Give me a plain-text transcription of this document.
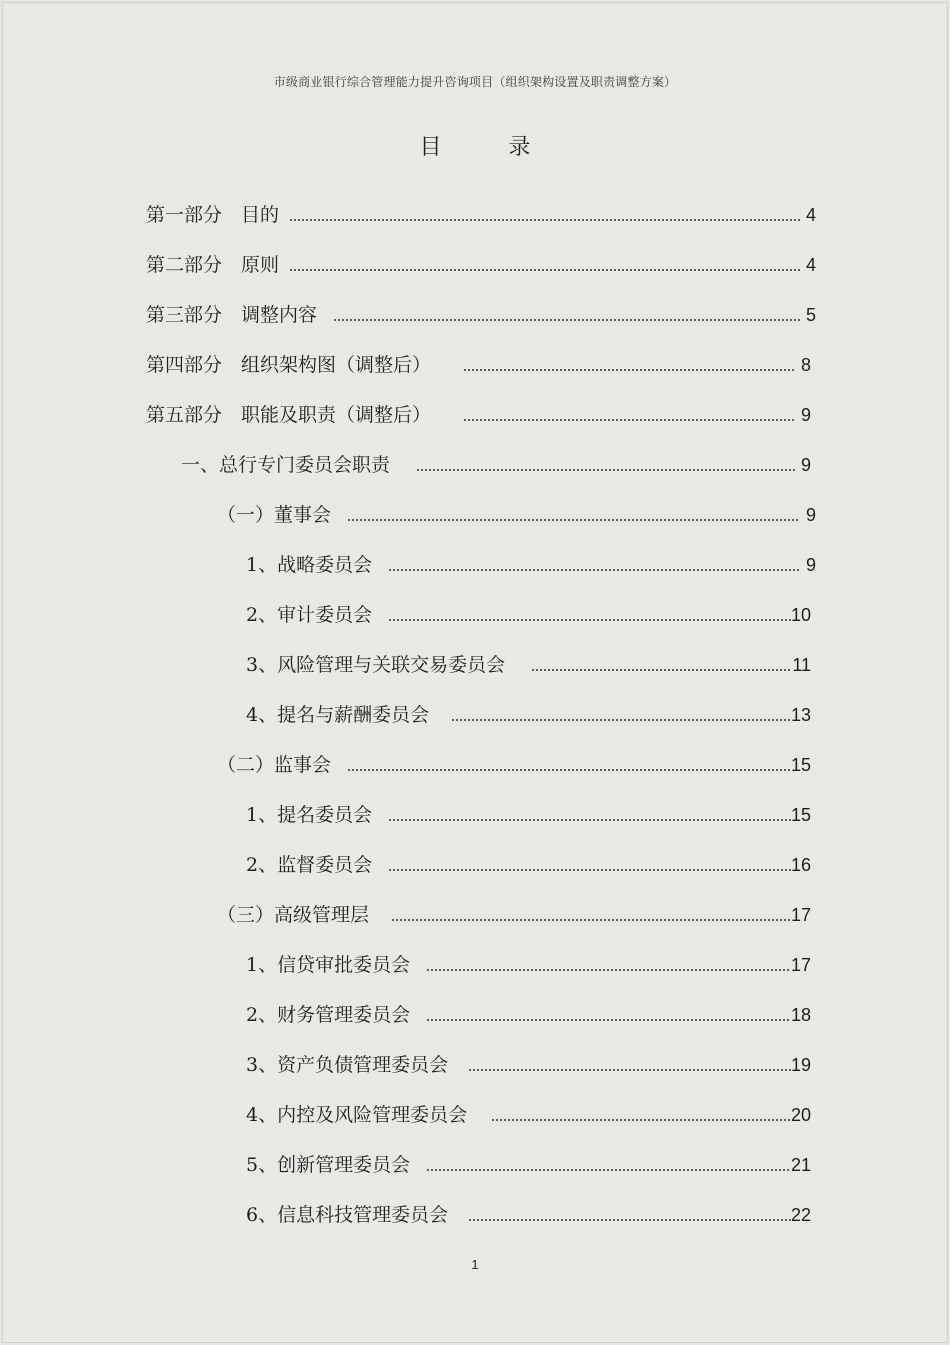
市级商业银行综合管理能力提升咨询项目（组织架构设置及职责调整方案）
目 录
第一部分　目的	4
第二部分　原则	4
第三部分　调整内容	5
第四部分　组织架构图（调整后）	8
第五部分　职能及职责（调整后）	9
一、总行专门委员会职责	9
（一）董事会	9
1、战略委员会	9
2、审计委员会	10
3、风险管理与关联交易委员会	11
4、提名与薪酬委员会	13
（二）监事会	15
1、提名委员会	15
2、监督委员会	16
（三）高级管理层	17
1、信贷审批委员会	17
2、财务管理委员会	18
3、资产负债管理委员会	19
4、内控及风险管理委员会	20
5、创新管理委员会	21
6、信息科技管理委员会	22
1
